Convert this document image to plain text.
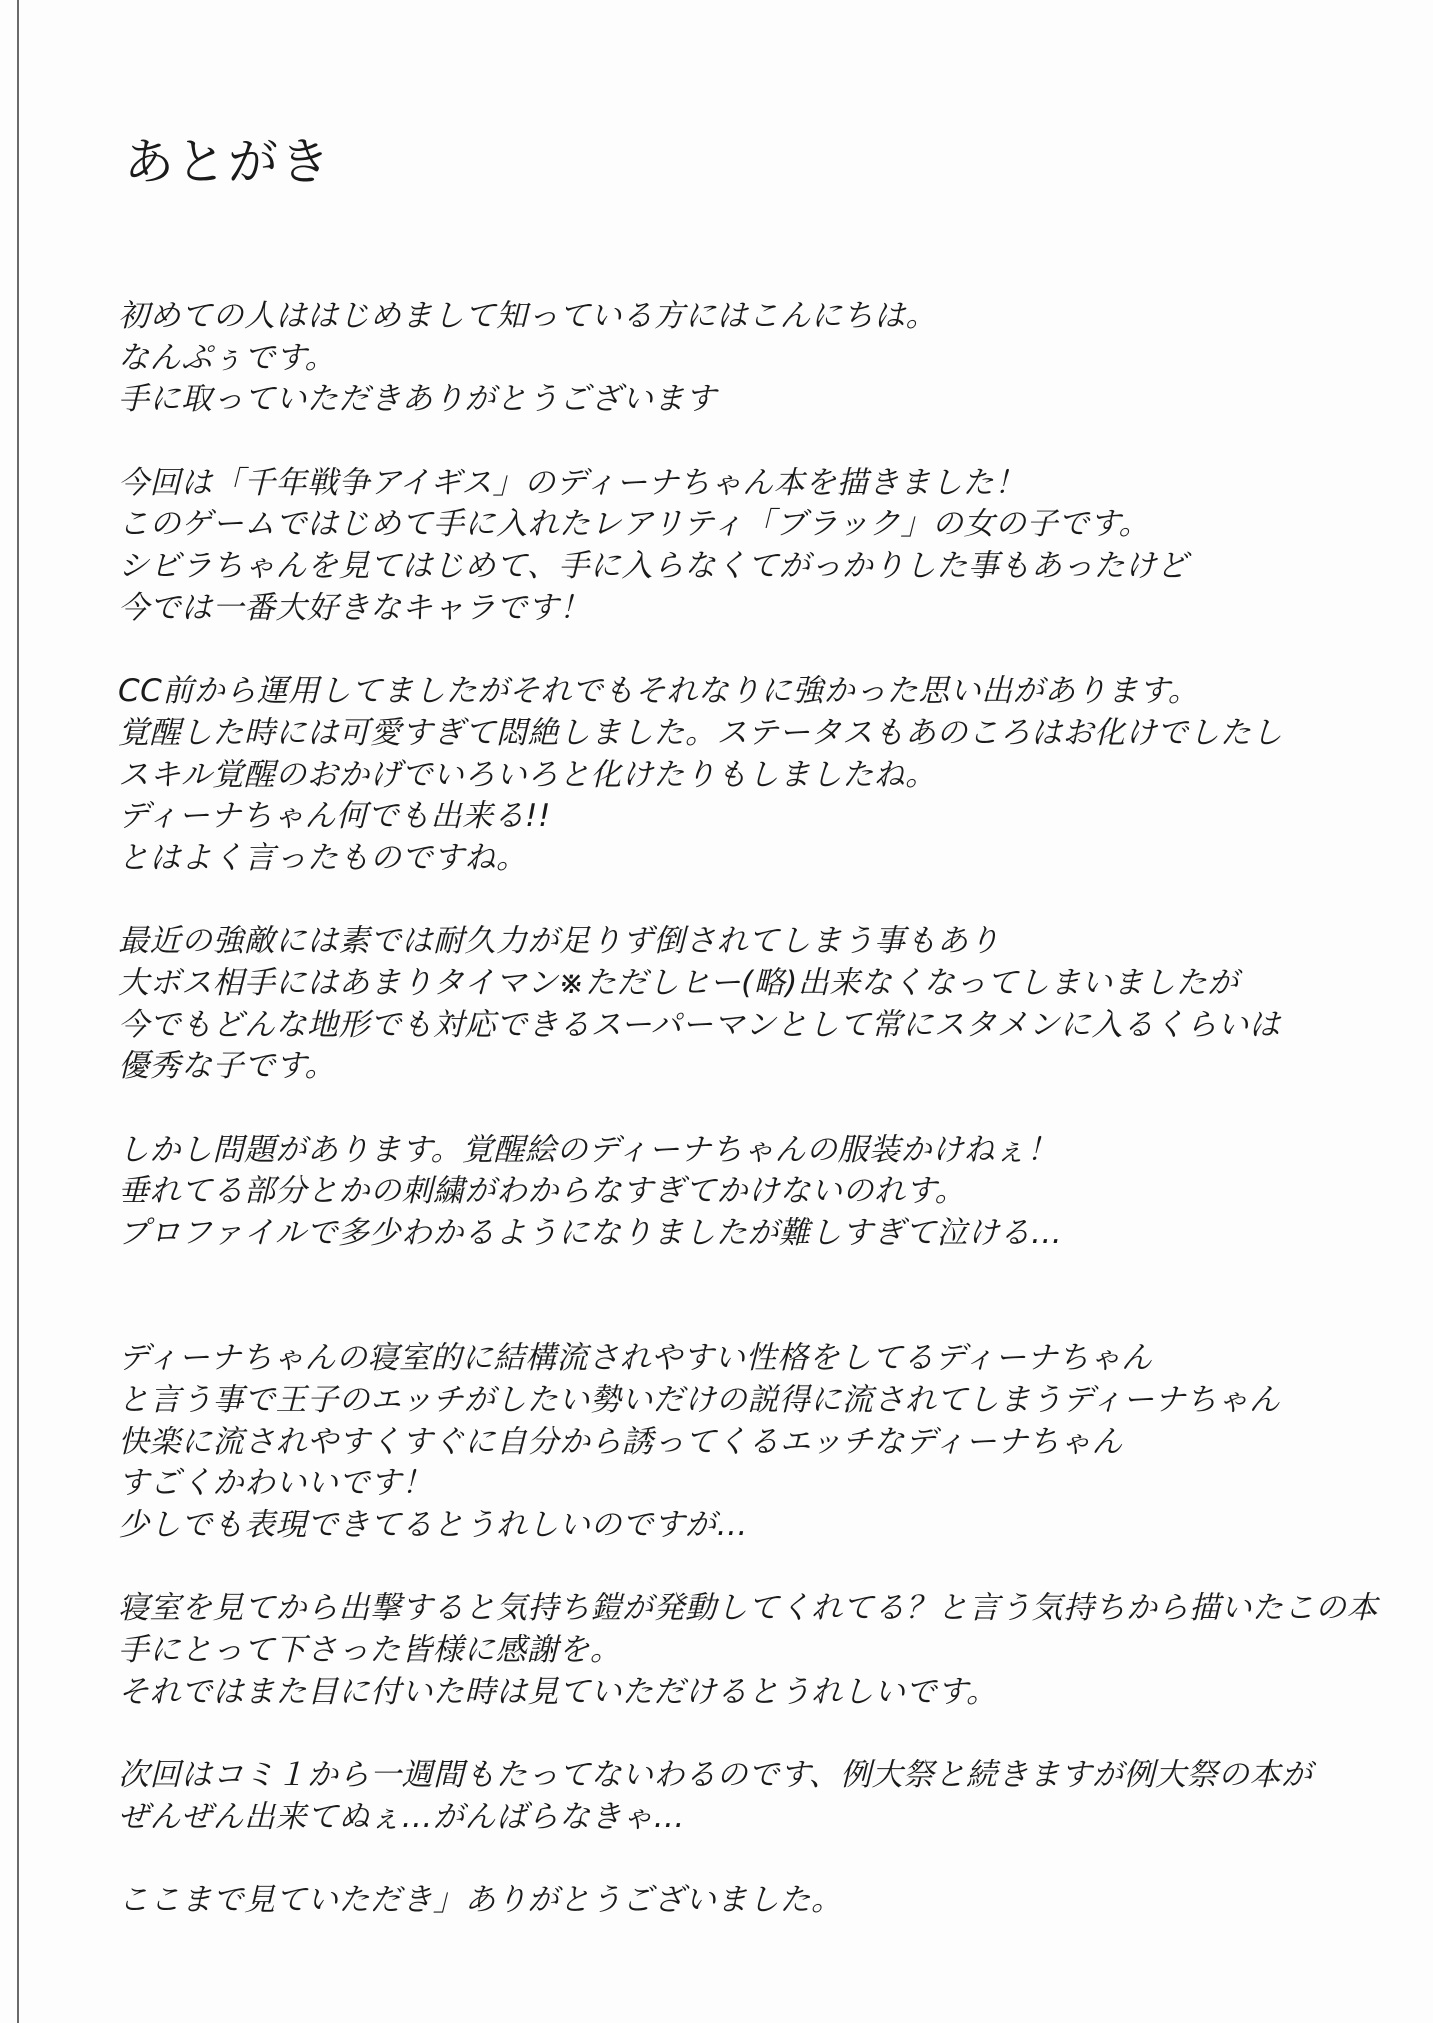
あとがき
初めての人ははじめまして知っている方にはこんにちは。
なんぷぅです。
手に取っていただきありがとうございます
今回は「千年戦争アイギス」のディーナちゃん本を描きました！
このゲームではじめて手に入れたレアリティ「ブラック」の女の子です。
シビラちゃんを見てはじめて、手に入らなくてがっかりした事もあったけど
今では一番大好きなキャラです！
CC前から運用してましたがそれでもそれなりに強かった思い出があります。
覚醒した時には可愛すぎて悶絶しました。ステータスもあのころはお化けでしたし
スキル覚醒のおかげでいろいろと化けたりもしましたね。
ディーナちゃん何でも出来る!!
とはよく言ったものですね。
最近の強敵には素では耐久力が足りず倒されてしまう事もあり
大ボス相手にはあまりタイマン※ただしヒー(略)出来なくなってしまいましたが
今でもどんな地形でも対応できるスーパーマンとして常にスタメンに入るくらいは
優秀な子です。
しかし問題があります。覚醒絵のディーナちゃんの服装かけねぇ！
垂れてる部分とかの刺繍がわからなすぎてかけないのれす。
プロファイルで多少わかるようになりましたが難しすぎて泣ける…
ディーナちゃんの寝室的に結構流されやすい性格をしてるディーナちゃん
と言う事で王子のエッチがしたい勢いだけの説得に流されてしまうディーナちゃん
快楽に流されやすくすぐに自分から誘ってくるエッチなディーナちゃん
すごくかわいいです！
少しでも表現できてるとうれしいのですが…
寝室を見てから出撃すると気持ち鎧が発動してくれてる？と言う気持ちから描いたこの本
手にとって下さった皆様に感謝を。
それではまた目に付いた時は見ていただけるとうれしいです。
次回はコミ１から一週間もたってないわるのです、例大祭と続きますが例大祭の本が
ぜんぜん出来てぬぇ…がんばらなきゃ…
ここまで見ていただき」ありがとうございました。
